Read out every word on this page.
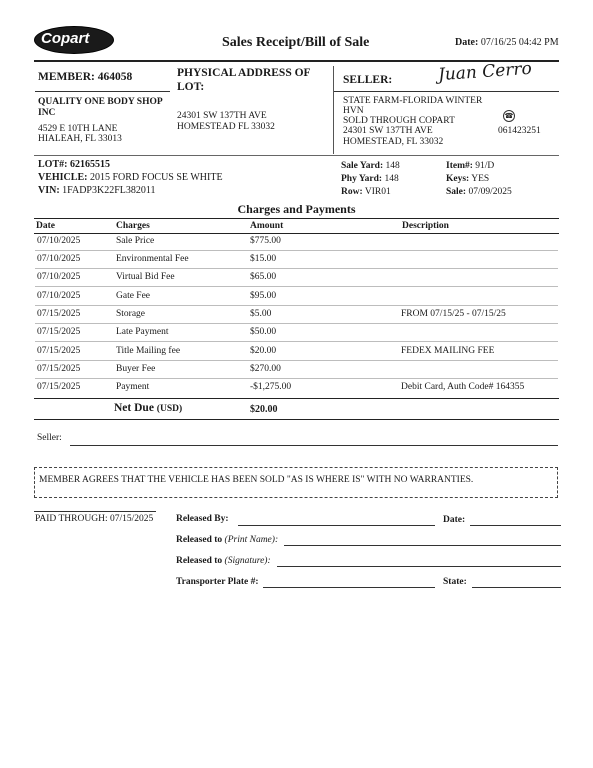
Copart	Sales Receipt/Bill of Sale	Date: 07/16/25 04:42 PM
MEMBER: 464058
QUALITY ONE BODY SHOP
INC
4529 E 10TH LANE
HIALEAH, FL 33013
PHYSICAL ADDRESS OF
LOT:
24301 SW 137TH AVE
HOMESTEAD FL 33032
SELLER:	Juan Cerro
STATE FARM-FLORIDA WINTER
HVN
SOLD THROUGH COPART
24301 SW 137TH AVE
HOMESTEAD, FL 33032
☎
061423251
LOT#: 62165515
VEHICLE: 2015 FORD FOCUS SE WHITE
VIN: 1FADP3K22FL382011
Sale Yard: 148
Phy Yard: 148
Row: VIR01
Item#: 91/D
Keys: YES
Sale: 07/09/2025
Charges and Payments
Date	Charges	Amount	Description
07/10/2025	Sale Price	$775.00
07/10/2025	Environmental Fee	$15.00
07/10/2025	Virtual Bid Fee	$65.00
07/10/2025	Gate Fee	$95.00
07/15/2025	Storage	$5.00	FROM 07/15/25 - 07/15/25
07/15/2025	Late Payment	$50.00
07/15/2025	Title Mailing fee	$20.00	FEDEX MAILING FEE
07/15/2025	Buyer Fee	$270.00
07/15/2025	Payment	-$1,275.00	Debit Card, Auth Code# 164355
Net Due (USD)	$20.00
Seller:
MEMBER AGREES THAT THE VEHICLE HAS BEEN SOLD "AS IS WHERE IS" WITH NO WARRANTIES.
PAID THROUGH: 07/15/2025 Released By:	Date:
Released to (Print Name):
Released to (Signature):
Transporter Plate #:	State:
